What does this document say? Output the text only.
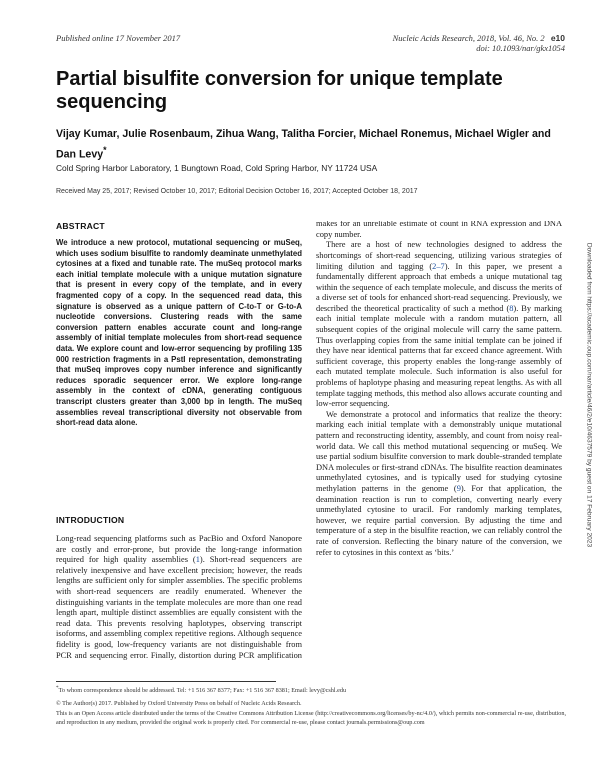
Published online 17 November 2017	Nucleic Acids Research, 2018, Vol. 46, No. 2 e10
doi: 10.1093/nar/gkx1054
Partial bisulfite conversion for unique template sequencing
Vijay Kumar, Julie Rosenbaum, Zihua Wang, Talitha Forcier, Michael Ronemus, Michael Wigler and Dan Levy*
Cold Spring Harbor Laboratory, 1 Bungtown Road, Cold Spring Harbor, NY 11724 USA
Received May 25, 2017; Revised October 10, 2017; Editorial Decision October 16, 2017; Accepted October 18, 2017
ABSTRACT
We introduce a new protocol, mutational sequencing or muSeq, which uses sodium bisulfite to randomly deaminate unmethylated cytosines at a fixed and tunable rate. The muSeq protocol marks each initial template molecule with a unique mutation signature that is present in every copy of the template, and in every fragmented copy of a copy. In the sequenced read data, this signature is observed as a unique pattern of C-to-T or G-to-A nucleotide conversions. Clustering reads with the same conversion pattern enables accurate count and long-range assembly of initial template molecules from short-read sequence data. We explore count and low-error sequencing by profiling 135 000 restriction fragments in a PstI representation, demonstrating that muSeq improves copy number inference and significantly reduces sporadic sequencer error. We explore long-range assembly in the context of cDNA, generating contiguous transcript clusters greater than 3,000 bp in length. The muSeq assemblies reveal transcriptional diversity not observable from short-read data alone.
INTRODUCTION

Long-read sequencing platforms such as PacBio and Oxford Nanopore are costly and error-prone, but provide the long-range information required for high quality assemblies (1). Short-read sequencers are relatively inexpensive and have excellent precision; however, the reads lengths are sufficient only for simpler assemblies. The specific problems with short-read sequencers are readily enumerated. Whenever the distinguishing variants in the template molecules are more than one read length apart, multiple distinct assemblies are equally consistent with the read data. This prevents resolving haplotypes, observing transcript isoforms, and assembling complex repetitive regions. Although sequence fidelity is good, low-frequency variants are not distinguishable from PCR and sequencing error. Finally, distortion during PCR amplification

makes for an unreliable estimate of count in RNA expression and DNA copy number.

There are a host of new technologies designed to address the shortcomings of short-read sequencing, utilizing various strategies of limiting dilution and tagging (2–7). In this paper, we present a fundamentally different approach that embeds a unique mutational tag within the sequence of each template molecule, and discuss the merits of a diverse set of tools for enhanced short-read sequencing. Previously, we described the theoretical practicality of such a method (8). By marking each initial template molecule with a random mutation pattern, all subsequent copies of the original molecule will carry the same pattern. Thus overlapping copies from the same initial template can be joined if they have near identical patterns that far exceed chance agreement. With sufficient coverage, this property enables the long-range assembly of each mutated template molecule. Such information is also useful for problems of haplotype phasing and measuring repeat lengths. As with all template tagging methods, this method also allows accurate counting and low-error sequencing.

We demonstrate a protocol and informatics that realize the theory: marking each initial template with a demonstrably unique mutational pattern and reconstructing identity, assembly, and count from noisy real-world data. We call this method mutational sequencing or muSeq. We use partial sodium bisulfite conversion to mark double-stranded template DNA molecules or first-strand cDNAs. The bisulfite reaction deaminates unmethylated cytosines, and is typically used for studying cytosine methylation patterns in the genome (9). For that application, the deamination reaction is run to completion, converting nearly every unmethylated cytosine to uracil. For randomly marking templates, however, we require partial conversion. By adjusting the time and temperature of a step in the bisulfite reaction, we can reliably control the rate of conversion. Reflecting the binary nature of the conversion, we refer to cytosines in this context as ‘bits.’

*To whom correspondence should be addressed. Tel: +1 516 367 8377; Fax: +1 516 367 8381; Email: levy@cshl.edu
© The Author(s) 2017. Published by Oxford University Press on behalf of Nucleic Acids Research.
This is an Open Access article distributed under the terms of the Creative Commons Attribution License (http://creativecommons.org/licenses/by-nc/4.0/), which permits non-commercial re-use, distribution, and reproduction in any medium, provided the original work is properly cited. For commercial re-use, please contact journals.permissions@oup.com
Downloaded from https://academic.oup.com/nar/article/46/2/e10/4637579 by guest on 17 February 2023
